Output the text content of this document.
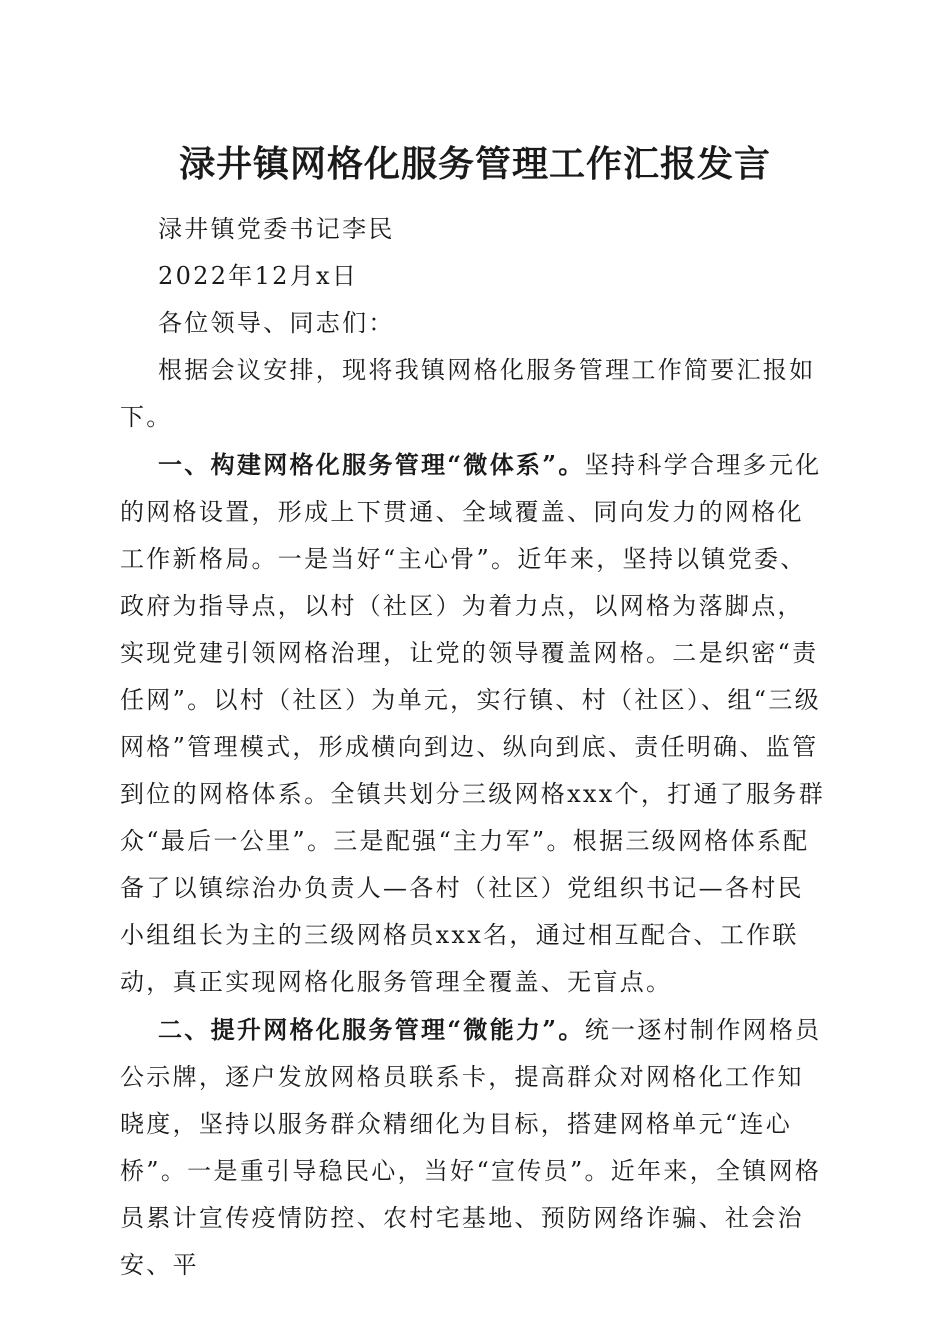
渌井镇网格化服务管理工作汇报发言

渌井镇党委书记李民

2022年12月x日

各位领导、同志们：

根据会议安排，现将我镇网格化服务管理工作简要汇报如下。

一、构建网格化服务管理“微体系”。坚持科学合理多元化的网格设置，形成上下贯通、全域覆盖、同向发力的网格化工作新格局。一是当好“主心骨”。近年来，坚持以镇党委、政府为指导点，以村（社区）为着力点，以网格为落脚点，实现党建引领网格治理，让党的领导覆盖网格。二是织密“责任网”。以村（社区）为单元，实行镇、村（社区）、组“三级网格”管理模式，形成横向到边、纵向到底、责任明确、监管到位的网格体系。全镇共划分三级网格xxx个，打通了服务群众“最后一公里”。三是配强“主力军”。根据三级网格体系配备了以镇综治办负责人—各村（社区）党组织书记—各村民小组组长为主的三级网格员xxx名，通过相互配合、工作联动，真正实现网格化服务管理全覆盖、无盲点。

二、提升网格化服务管理“微能力”。统一逐村制作网格员公示牌，逐户发放网格员联系卡，提高群众对网格化工作知晓度，坚持以服务群众精细化为目标，搭建网格单元“连心桥”。一是重引导稳民心，当好“宣传员”。近年来，全镇网格员累计宣传疫情防控、农村宅基地、预防网络诈骗、社会治安、平
